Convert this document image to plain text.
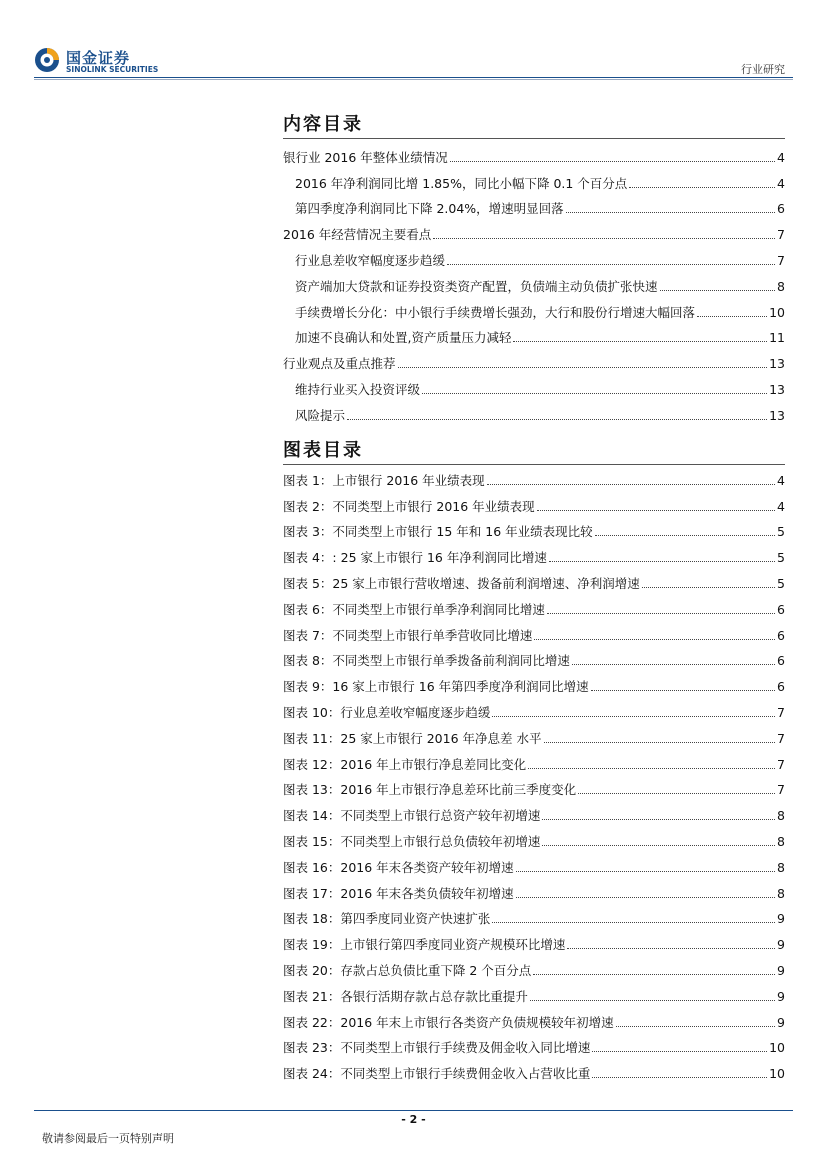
国金证券
SINOLINK SECURITIES	行业研究
内容目录
银行业 2016 年整体业绩情况	4
2016 年净利润同比增 1.85%，同比小幅下降 0.1 个百分点	4
第四季度净利润同比下降 2.04%，增速明显回落	6
2016 年经营情况主要看点	7
行业息差收窄幅度逐步趋缓	7
资产端加大贷款和证券投资类资产配置，负债端主动负债扩张快速	8
手续费增长分化：中小银行手续费增长强劲，大行和股份行增速大幅回落	10
加速不良确认和处置,资产质量压力减轻	11
行业观点及重点推荐	13
维持行业买入投资评级	13
风险提示	13
图表目录
图表 1：上市银行 2016 年业绩表现	4
图表 2：不同类型上市银行 2016 年业绩表现	4
图表 3：不同类型上市银行 15 年和 16 年业绩表现比较	5
图表 4：: 25 家上市银行 16 年净利润同比增速	5
图表 5：25 家上市银行营收增速、拨备前利润增速、净利润增速	5
图表 6：不同类型上市银行单季净利润同比增速	6
图表 7：不同类型上市银行单季营收同比增速	6
图表 8：不同类型上市银行单季拨备前利润同比增速	6
图表 9：16 家上市银行 16 年第四季度净利润同比增速	6
图表 10：行业息差收窄幅度逐步趋缓	7
图表 11：25 家上市银行 2016 年净息差 水平	7
图表 12：2016 年上市银行净息差同比变化	7
图表 13：2016 年上市银行净息差环比前三季度变化	7
图表 14：不同类型上市银行总资产较年初增速	8
图表 15：不同类型上市银行总负债较年初增速	8
图表 16：2016 年末各类资产较年初增速	8
图表 17：2016 年末各类负债较年初增速	8
图表 18：第四季度同业资产快速扩张	9
图表 19：上市银行第四季度同业资产规模环比增速	9
图表 20：存款占总负债比重下降 2 个百分点	9
图表 21：各银行活期存款占总存款比重提升	9
图表 22：2016 年末上市银行各类资产负债规模较年初增速	9
图表 23：不同类型上市银行手续费及佣金收入同比增速	10
图表 24：不同类型上市银行手续费佣金收入占营收比重	10
- 2 -
敬请参阅最后一页特别声明
